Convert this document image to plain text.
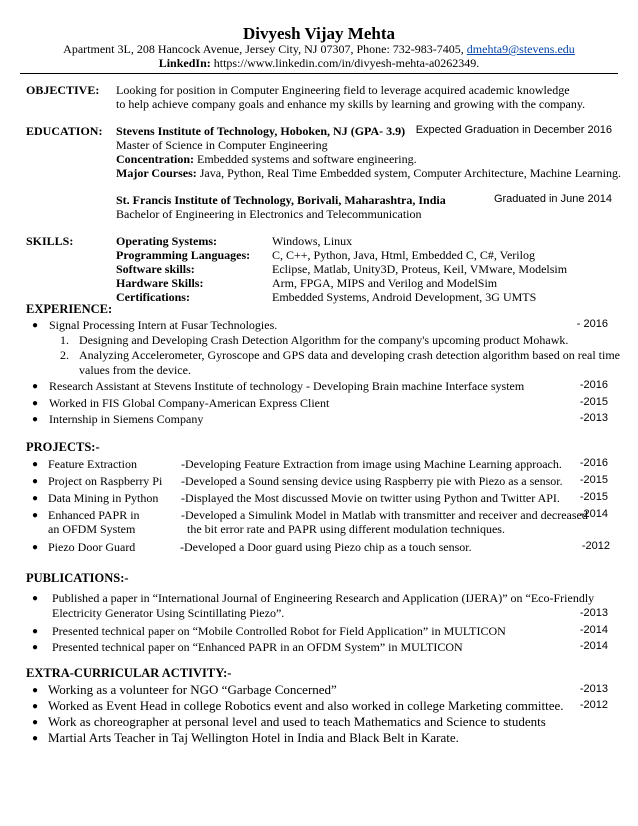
Divyesh Vijay Mehta
Apartment 3L, 208 Hancock Avenue, Jersey City, NJ 07307, Phone: 732-983-7405, dmehta9@stevens.edu
LinkedIn: https://www.linkedin.com/in/divyesh-mehta-a0262349.
OBJECTIVE: Looking for position in Computer Engineering field to leverage acquired academic knowledge
to help achieve company goals and enhance my skills by learning and growing with the company.
EDUCATION: Stevens Institute of Technology, Hoboken, NJ (GPA- 3.9) Expected Graduation in December 2016
Master of Science in Computer Engineering
Concentration: Embedded systems and software engineering.
Major Courses: Java, Python, Real Time Embedded system, Computer Architecture, Machine Learning.
St. Francis Institute of Technology, Borivali, Maharashtra, India	Graduated in June 2014
Bachelor of Engineering in Electronics and Telecommunication
SKILLS:	Operating Systems:	Windows, Linux
Programming Languages: C, C++, Python, Java, Html, Embedded C, C#, Verilog
Software skills:	Eclipse, Matlab, Unity3D, Proteus, Keil, VMware, Modelsim
Hardware Skills:	Arm, FPGA, MIPS and Verilog and ModelSim
Certifications:	Embedded Systems, Android Development, 3G UMTS
EXPERIENCE:
● Signal Processing Intern at Fusar Technologies.	- 2016
1. Designing and Developing Crash Detection Algorithm for the company's upcoming product Mohawk.
2. Analyzing Accelerometer, Gyroscope and GPS data and developing crash detection algorithm based on real time
values from the device.
● Research Assistant at Stevens Institute of technology - Developing Brain machine Interface system	-2016
● Worked in FIS Global Company-American Express Client	-2015
● Internship in Siemens Company	-2013
PROJECTS:-
● Feature Extraction	-Developing Feature Extraction from image using Machine Learning approach. -2016
● Project on Raspberry Pi -Developed a Sound sensing device using Raspberry pie with Piezo as a sensor. -2015
● Data Mining in Python -Displayed the Most discussed Movie on twitter using Python and Twitter API. -2015
● Enhanced PAPR in
an OFDM System
-Developed a Simulink Model in Matlab with transmitter and receiver and decreased
the bit error rate and PAPR using different modulation techniques.
-2014
● Piezo Door Guard	-Developed a Door guard using Piezo chip as a touch sensor.	-2012
PUBLICATIONS:-
● Published a paper in “International Journal of Engineering Research and Application (IJERA)” on “Eco-Friendly
Electricity Generator Using Scintillating Piezo”.	-2013
● Presented technical paper on “Mobile Controlled Robot for Field Application” in MULTICON	-2014
● Presented technical paper on “Enhanced PAPR in an OFDM System” in MULTICON	-2014
EXTRA-CURRICULAR ACTIVITY:-
● Working as a volunteer for NGO “Garbage Concerned”	-2013
● Worked as Event Head in college Robotics event and also worked in college Marketing committee. -2012
● Work as choreographer at personal level and used to teach Mathematics and Science to students
● Martial Arts Teacher in Taj Wellington Hotel in India and Black Belt in Karate.
